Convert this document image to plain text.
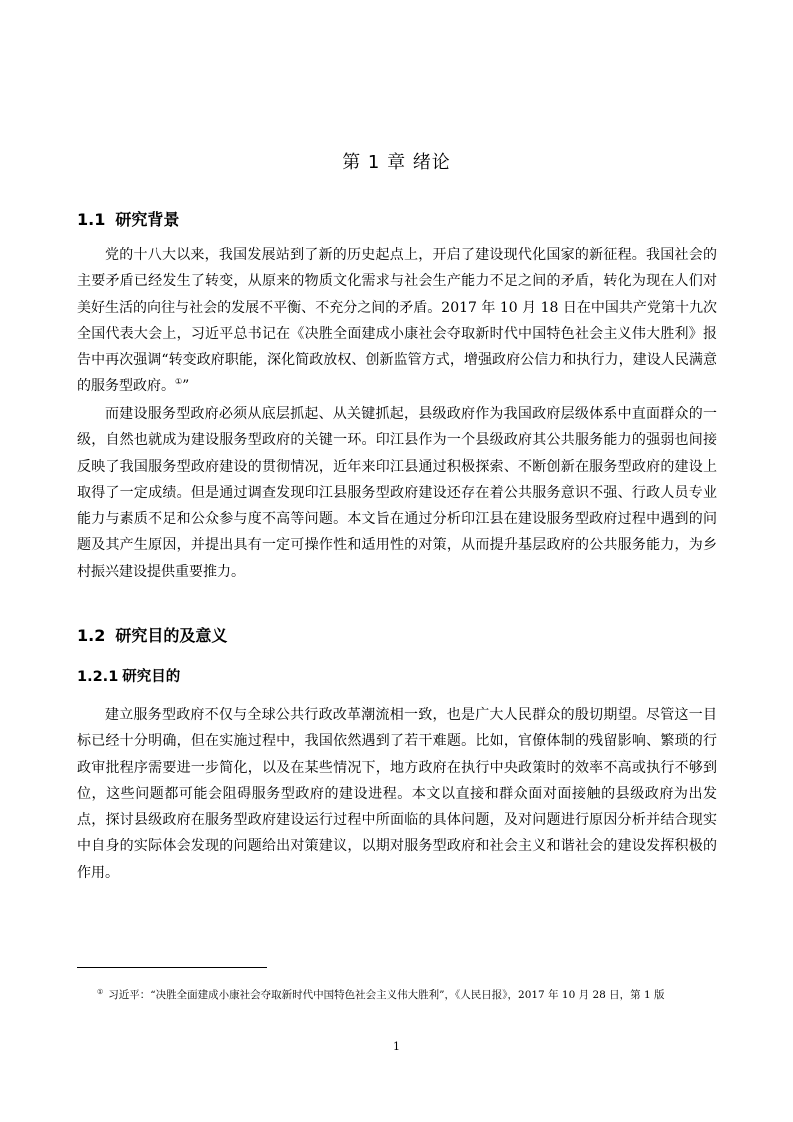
第 1 章 绪论
1.1 研究背景

党的十八大以来，我国发展站到了新的历史起点上，开启了建设现代化国家的新征程。我国社会的主要矛盾已经发生了转变，从原来的物质文化需求与社会生产能力不足之间的矛盾，转化为现在人们对美好生活的向往与社会的发展不平衡、不充分之间的矛盾。2017 年 10 月 18 日在中国共产党第十九次全国代表大会上，习近平总书记在《决胜全面建成小康社会夺取新时代中国特色社会主义伟大胜利》报告中再次强调“转变政府职能，深化简政放权、创新监管方式，增强政府公信力和执行力，建设人民满意的服务型政府。①”

而建设服务型政府必须从底层抓起、从关键抓起，县级政府作为我国政府层级体系中直面群众的一级，自然也就成为建设服务型政府的关键一环。印江县作为一个县级政府其公共服务能力的强弱也间接反映了我国服务型政府建设的贯彻情况，近年来印江县通过积极探索、不断创新在服务型政府的建设上取得了一定成绩。但是通过调查发现印江县服务型政府建设还存在着公共服务意识不强、行政人员专业能力与素质不足和公众参与度不高等问题。本文旨在通过分析印江县在建设服务型政府过程中遇到的问题及其产生原因，并提出具有一定可操作性和适用性的对策，从而提升基层政府的公共服务能力，为乡村振兴建设提供重要推力。

1.2 研究目的及意义
1.2.1 研究目的

建立服务型政府不仅与全球公共行政改革潮流相一致，也是广大人民群众的殷切期望。尽管这一目标已经十分明确，但在实施过程中，我国依然遇到了若干难题。比如，官僚体制的残留影响、繁琐的行政审批程序需要进一步简化，以及在某些情况下，地方政府在执行中央政策时的效率不高或执行不够到位，这些问题都可能会阻碍服务型政府的建设进程。本文以直接和群众面对面接触的县级政府为出发点，探讨县级政府在服务型政府建设运行过程中所面临的具体问题，及对问题进行原因分析并结合现实中自身的实际体会发现的问题给出对策建议，以期对服务型政府和社会主义和谐社会的建设发挥积极的作用。

① 习近平：“决胜全面建成小康社会夺取新时代中国特色社会主义伟大胜利”，《人民日报》，2017 年 10 月 28 日，第 1 版

1
